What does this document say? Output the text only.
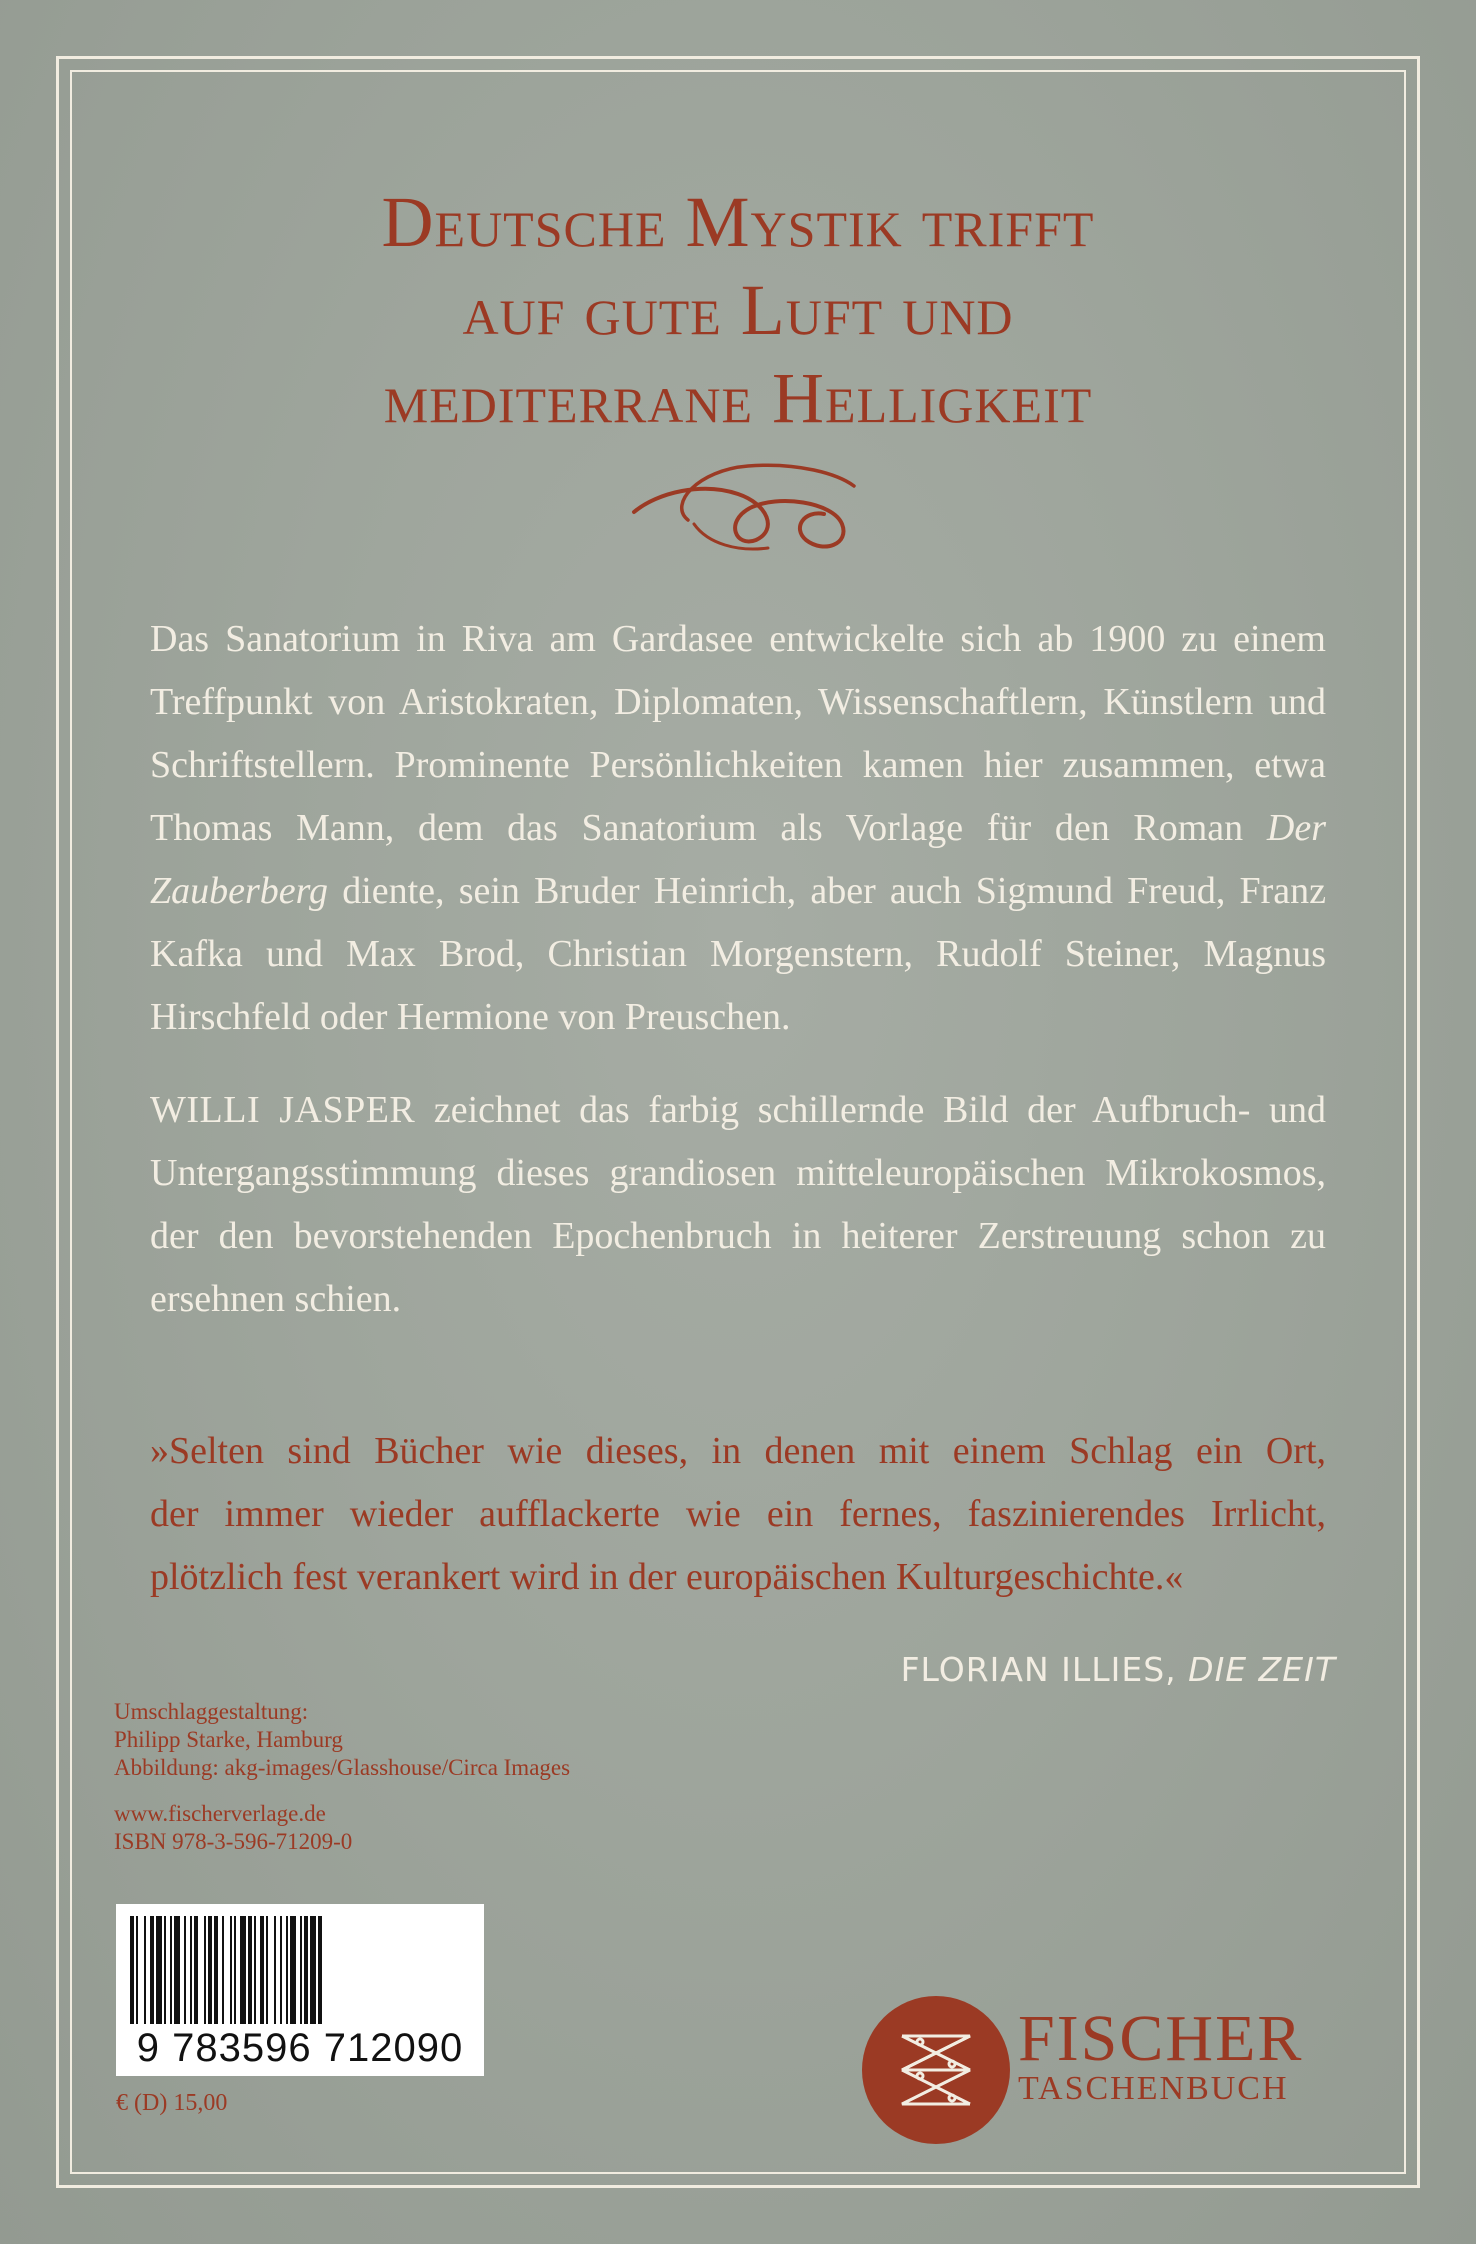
Deutsche Mystik trifft
auf gute Luft und
mediterrane Helligkeit

Das Sanatorium in Riva am Gardasee entwickelte sich ab 1900 zu einem Treffpunkt von Aristokraten, Diplomaten, Wissenschaftlern, Künstlern und Schriftstellern. Prominente Persönlichkeiten kamen hier zusammen, etwa Thomas Mann, dem das Sanatorium als Vorlage für den Roman Der Zauberberg diente, sein Bruder Heinrich, aber auch Sigmund Freud, Franz Kafka und Max Brod, Christian Morgenstern, Rudolf Steiner, Magnus Hirschfeld oder Hermione von Preuschen.

WILLI JASPER zeichnet das farbig schillernde Bild der Aufbruch- und Untergangsstimmung dieses grandiosen mitteleuropäischen Mikrokosmos, der den bevorstehenden Epochenbruch in heiterer Zerstreuung schon zu ersehnen schien.

»Selten sind Bücher wie dieses, in denen mit einem Schlag ein Ort,
der immer wieder aufflackerte wie ein fernes, faszinierendes Irrlicht,
plötzlich fest verankert wird in der europäischen Kulturgeschichte.«
FLORIAN ILLIES, DIE ZEIT
Umschlaggestaltung:
Philipp Starke, Hamburg
Abbildung: akg-images/Glasshouse/Circa Images
www.fischerverlage.de
ISBN 978-3-596-71209-0
9 783596 712090
€ (D) 15,00
FISCHER
TASCHENBUCH
